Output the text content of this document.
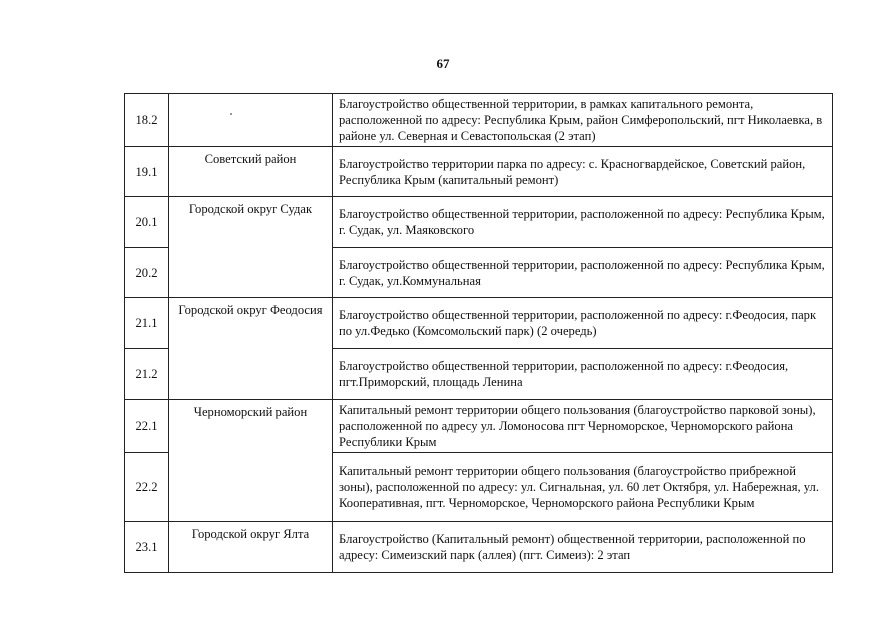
67
18.2		Благоустройство общественной территории, в рамках капитального ремонта, расположенной по адресу: Республика Крым, район Симферопольский, пгт Николаевка, в районе ул. Северная и Севастопольская (2 этап)
19.1	Советский район	Благоустройство территории парка по адресу: с. Красногвардейское, Советский район, Республика Крым (капитальный ремонт)
20.1	Городской округ Судак	Благоустройство общественной территории, расположенной по адресу: Республика Крым, г. Судак, ул. Маяковского
20.2		Благоустройство общественной территории, расположенной по адресу: Республика Крым, г. Судак, ул.Коммунальная
21.1	Городской округ Феодосия	Благоустройство общественной территории, расположенной по адресу: г.Феодосия, парк по ул.Федько (Комсомольский парк) (2 очередь)
21.2		Благоустройство общественной территории, расположенной по адресу: г.Феодосия, пгт.Приморский, площадь Ленина
22.1	Черноморский район	Капитальный ремонт территории общего пользования (благоустройство парковой зоны), расположенной по адресу ул. Ломоносова пгт Черноморское, Черноморского района Республики Крым
22.2		Капитальный ремонт территории общего пользования (благоустройство прибрежной зоны), расположенной по адресу: ул. Сигнальная, ул. 60 лет Октября, ул. Набережная, ул. Кооперативная, пгт. Черноморское, Черноморского района Республики Крым
23.1	Городской округ Ялта	Благоустройство (Капитальный ремонт) общественной территории, расположенной по адресу: Симеизский парк (аллея) (пгт. Симеиз): 2 этап
